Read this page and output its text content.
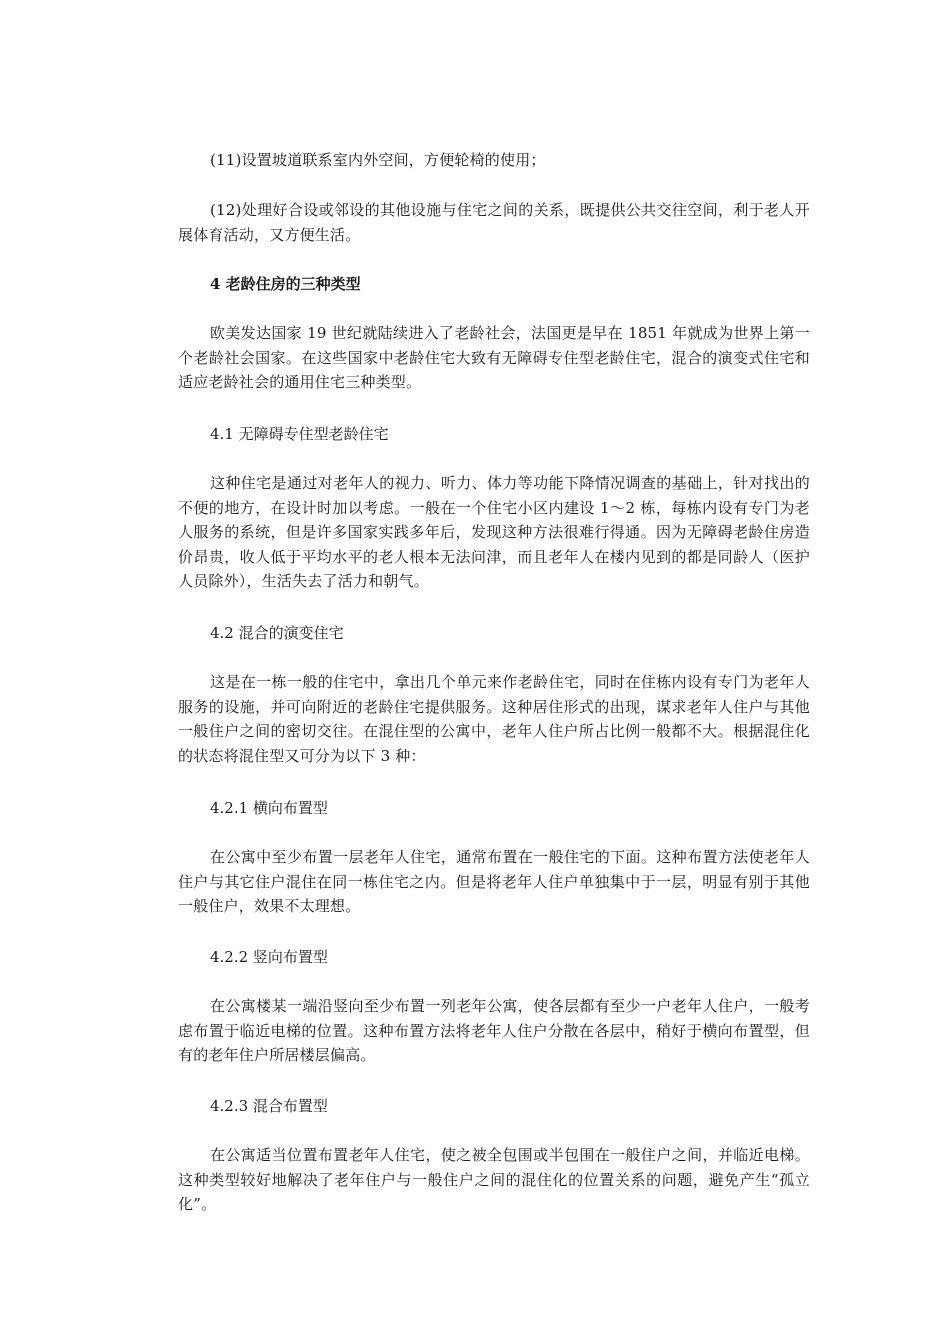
(11)设置坡道联系室内外空间，方便轮椅的使用；

(12)处理好合设或邻设的其他设施与住宅之间的关系，既提供公共交往空间，利于老人开展体育活动，又方便生活。

4 老龄住房的三种类型

欧美发达国家 19 世纪就陆续进入了老龄社会，法国更是早在 1851 年就成为世界上第一个老龄社会国家。在这些国家中老龄住宅大致有无障碍专住型老龄住宅，混合的演变式住宅和适应老龄社会的通用住宅三种类型。

4.1 无障碍专住型老龄住宅

这种住宅是通过对老年人的视力、听力、体力等功能下降情况调查的基础上，针对找出的不便的地方，在设计时加以考虑。一般在一个住宅小区内建设 1～2 栋，每栋内设有专门为老人服务的系统，但是许多国家实践多年后，发现这种方法很难行得通。因为无障碍老龄住房造价昂贵，收人低于平均水平的老人根本无法问津，而且老年人在楼内见到的都是同龄人（医护人员除外），生活失去了活力和朝气。

4.2 混合的演变住宅

这是在一栋一般的住宅中，拿出几个单元来作老龄住宅，同时在住栋内设有专门为老年人服务的设施，并可向附近的老龄住宅提供服务。这种居住形式的出现，谋求老年人住户与其他一般住户之间的密切交往。在混住型的公寓中，老年人住户所占比例一般都不大。根据混住化的状态将混住型又可分为以下 3 种：

4.2.1 横向布置型

在公寓中至少布置一层老年人住宅，通常布置在一般住宅的下面。这种布置方法使老年人住户与其它住户混住在同一栋住宅之内。但是将老年人住户单独集中于一层，明显有别于其他一般住户，效果不太理想。

4.2.2 竖向布置型

在公寓楼某一端沿竖向至少布置一列老年公寓，使各层都有至少一户老年人住户，一般考虑布置于临近电梯的位置。这种布置方法将老年人住户分散在各层中，稍好于横向布置型，但有的老年住户所居楼层偏高。

4.2.3 混合布置型

在公寓适当位置布置老年人住宅，使之被全包围或半包围在一般住户之间，并临近电梯。这种类型较好地解决了老年住户与一般住户之间的混住化的位置关系的问题，避免产生“孤立化”。
